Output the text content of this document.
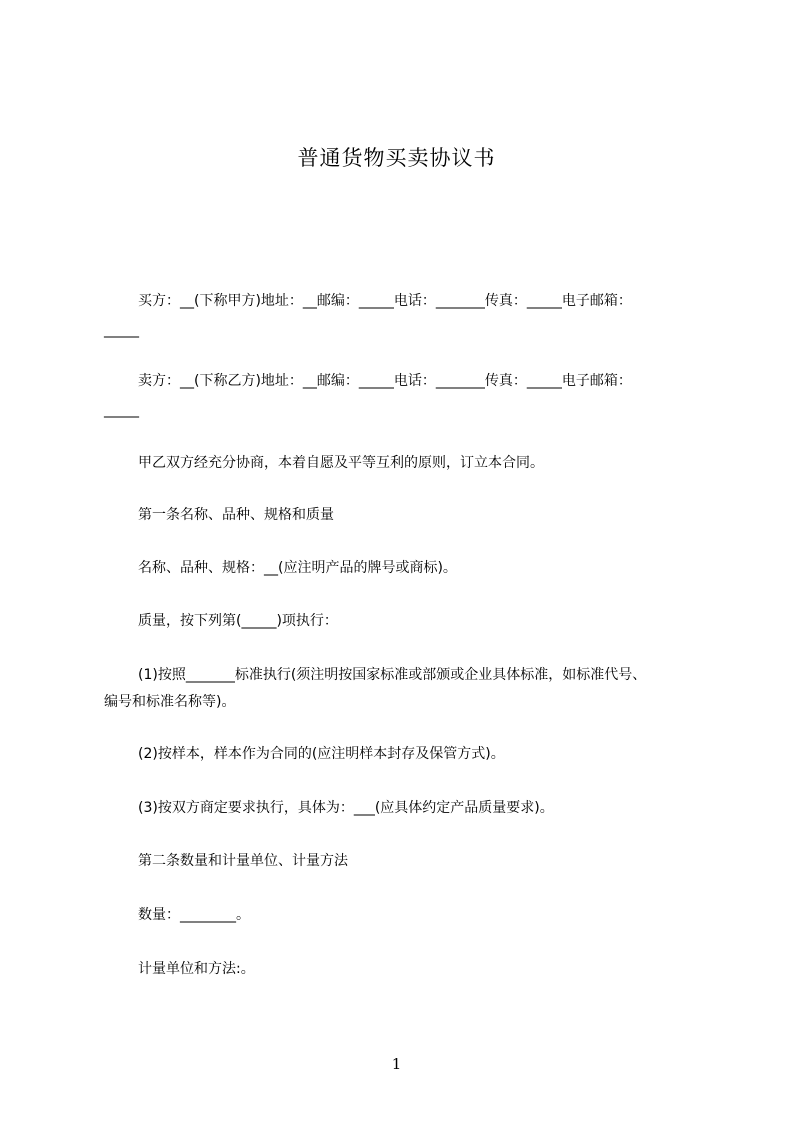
普通货物买卖协议书
买方：__(下称甲方)地址：__邮编：_____电话：_______传真：_____电子邮箱：
_____
卖方：__(下称乙方)地址：__邮编：_____电话：_______传真：_____电子邮箱：
_____
甲乙双方经充分协商，本着自愿及平等互利的原则，订立本合同。
第一条名称、品种、规格和质量
名称、品种、规格：__(应注明产品的牌号或商标)。
质量，按下列第(_____)项执行：
(1)按照_______标准执行(须注明按国家标准或部颁或企业具体标准，如标准代号、
编号和标准名称等)。
(2)按样本，样本作为合同的(应注明样本封存及保管方式)。
(3)按双方商定要求执行，具体为：___(应具体约定产品质量要求)。
第二条数量和计量单位、计量方法
数量：________。
计量单位和方法:。
1
